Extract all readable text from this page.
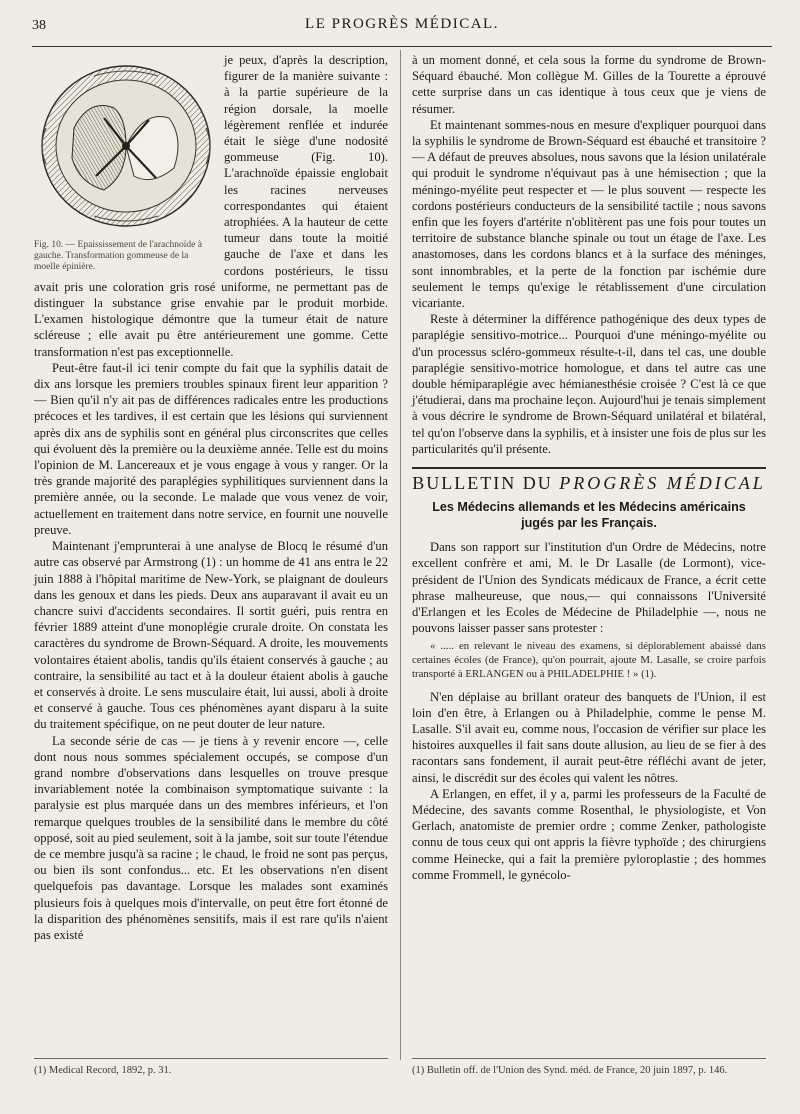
38	LE PROGRÈS MÉDICAL.
Fig. 10. — Epaississement de l'arachnoïde à gauche. Transformation gommeuse de la moelle épinière.

je peux, d'après la description, figurer de la manière suivante : à la partie supérieure de la région dorsale, la moelle légèrement renflée et indurée était le siège d'une nodosité gommeuse (Fig. 10). L'arachnoïde épaissie englobait les racines nerveuses correspondantes qui étaient atrophiées. A la hauteur de cette tumeur dans toute la moitié gauche de l'axe et dans les cordons postérieurs, le tissu avait pris une coloration gris rosé uniforme, ne permettant pas de distinguer la substance grise envahie par le produit morbide. L'examen histologique démontre que la tumeur était de nature scléreuse ; elle avait pu être antérieurement une gomme. Cette transformation n'est pas exceptionnelle.

Peut-être faut-il ici tenir compte du fait que la syphilis datait de dix ans lorsque les premiers troubles spinaux firent leur apparition ? — Bien qu'il n'y ait pas de différences radicales entre les productions précoces et les tardives, il est certain que les lésions qui surviennent après dix ans de syphilis sont en général plus circonscrites que celles qui évoluent dès la première ou la deuxième année. Telle est du moins l'opinion de M. Lancereaux et je vous engage à vous y ranger. Or la très grande majorité des paraplégies syphilitiques surviennent dans la première année, ou la seconde. Le malade que vous venez de voir, actuellement en traitement dans notre service, en fournit une nouvelle preuve.

Maintenant j'emprunterai à une analyse de Blocq le résumé d'un autre cas observé par Armstrong (1) : un homme de 41 ans entra le 22 juin 1888 à l'hôpital maritime de New-York, se plaignant de douleurs dans les genoux et dans les pieds. Deux ans auparavant il avait eu un chancre suivi d'accidents secondaires. Il sortit guéri, puis rentra en février 1889 atteint d'une monoplégie crurale droite. On constata les caractères du syndrome de Brown-Séquard. A droite, les mouvements volontaires étaient abolis, tandis qu'ils étaient conservés à gauche ; au contraire, la sensibilité au tact et à la douleur étaient abolis à gauche et conservés à droite. Le sens musculaire était, lui aussi, aboli à droite et conservé à gauche. Tous ces phénomènes ayant disparu à la suite du traitement spécifique, on ne peut douter de leur nature.

La seconde série de cas — je tiens à y revenir encore —, celle dont nous nous sommes spécialement occupés, se compose d'un grand nombre d'observations dans lesquelles on trouve presque invariablement notée la combinaison symptomatique suivante : la paralysie est plus marquée dans un des membres inférieurs, et l'on remarque quelques troubles de la sensibilité dans le membre du côté opposé, soit au pied seulement, soit à la jambe, soit sur toute l'étendue de ce membre jusqu'à sa racine ; le chaud, le froid ne sont pas perçus, ou bien ils sont confondus... etc. Et les observations n'en disent quelquefois pas davantage. Lorsque les malades sont examinés plusieurs fois à quelques mois d'intervalle, on peut être fort étonné de la disparition des phénomènes sensitifs, mais il est rare qu'ils n'aient pas existé

à un moment donné, et cela sous la forme du syndrome de Brown-Séquard ébauché. Mon collègue M. Gilles de la Tourette a éprouvé cette surprise dans un cas identique à tous ceux que je viens de résumer.

Et maintenant sommes-nous en mesure d'expliquer pourquoi dans la syphilis le syndrome de Brown-Séquard est ébauché et transitoire ? — A défaut de preuves absolues, nous savons que la lésion unilatérale qui produit le syndrome n'équivaut pas à une hémisection ; que la méningo-myélite peut respecter et — le plus souvent — respecte les cordons postérieurs conducteurs de la sensibilité tactile ; nous savons enfin que les foyers d'artérite n'oblitèrent pas une fois pour toutes un territoire de substance blanche spinale ou tout un étage de l'axe. Les anastomoses, dans les cordons blancs et à la surface des méninges, sont innombrables, et la perte de la fonction par ischémie dure seulement le temps qu'exige le rétablissement d'une circulation vicariante.

Reste à déterminer la différence pathogénique des deux types de paraplégie sensitivo-motrice... Pourquoi d'une méningo-myélite ou d'un processus scléro-gommeux résulte-t-il, dans tel cas, une double paraplégie sensitivo-motrice homologue, et dans tel autre cas une double hémiparaplégie avec hémianesthésie croisée ? C'est là ce que j'étudierai, dans ma prochaine leçon. Aujourd'hui je tenais simplement à vous décrire le syndrome de Brown-Séquard unilatéral et bilatéral, tel qu'on l'observe dans la syphilis, et à insister une fois de plus sur les particularités qu'il présente.

BULLETIN DU PROGRÈS MÉDICAL
Les Médecins allemands et les Médecins américains jugés par les Français.

Dans son rapport sur l'institution d'un Ordre de Médecins, notre excellent confrère et ami, M. le Dr Lasalle (de Lormont), vice-président de l'Union des Syndicats médicaux de France, a écrit cette phrase malheureuse, que nous,— qui connaissons l'Université d'Erlangen et les Ecoles de Médecine de Philadelphie —, nous ne pouvons laisser passer sans protester :

« ..... en relevant le niveau des examens, si déplorablement abaissé dans certaines écoles (de France), qu'on pourrait, ajoute M. Lasalle, se croire parfois transporté à ERLANGEN ou à PHILADELPHIE ! » (1).

N'en déplaise au brillant orateur des banquets de l'Union, il est loin d'en être, à Erlangen ou à Philadelphie, comme le pense M. Lasalle. S'il avait eu, comme nous, l'occasion de vérifier sur place les histoires auxquelles il fait sans doute allusion, au lieu de se fier à des racontars sans fondement, il aurait peut-être réfléchi avant de jeter, ainsi, le discrédit sur des écoles qui valent les nôtres.

A Erlangen, en effet, il y a, parmi les professeurs de la Faculté de Médecine, des savants comme Rosenthal, le physiologiste, et Von Gerlach, anatomiste de premier ordre ; comme Zenker, pathologiste connu de tous ceux qui ont appris la fièvre typhoïde ; des chirurgiens comme Heinecke, qui a fait la première pyloroplastie ; des hommes comme Frommell, le gynécolo-

(1) Medical Record, 1892, p. 31.	(1) Bulletin off. de l'Union des Synd. méd. de France, 20 juin 1897, p. 146.
